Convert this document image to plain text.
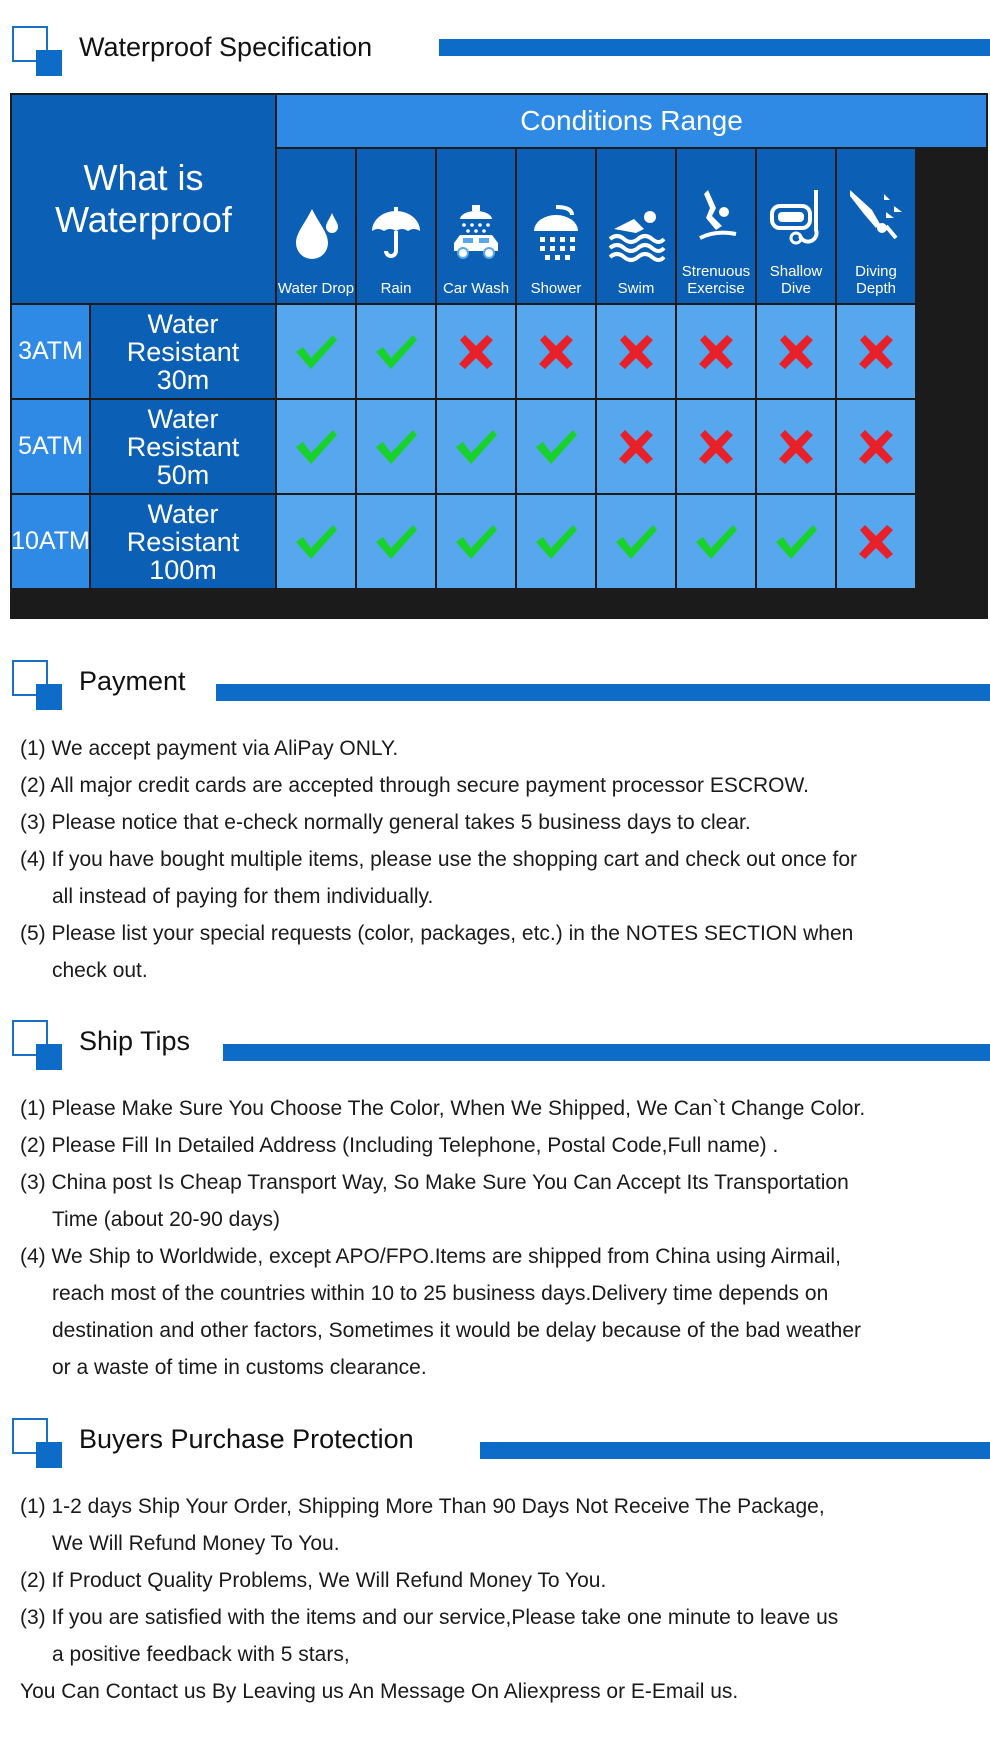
Waterproof Specification
What is
Waterproof
Conditions Range
Water Drop Rain Car Wash Shower Swim
Strenuous
Exercise
Shallow
Dive
Diving
Depth
3ATM
Water
Resistant
30m
5ATM
Water
Resistant
50m
10ATM
Water
Resistant
100m
Payment
(1) We accept payment via AliPay ONLY.
(2) All major credit cards are accepted through secure payment processor ESCROW.
(3) Please notice that e-check normally general takes 5 business days to clear.
(4) If you have bought multiple items, please use the shopping cart and check out once for
all instead of paying for them individually.
(5) Please list your special requests (color, packages, etc.) in the NOTES SECTION when
check out.
Ship Tips
(1) Please Make Sure You Choose The Color, When We Shipped, We Can`t Change Color.
(2) Please Fill In Detailed Address (Including Telephone, Postal Code,Full name) .
(3) China post Is Cheap Transport Way, So Make Sure You Can Accept Its Transportation
Time (about 20-90 days)
(4) We Ship to Worldwide, except APO/FPO.Items are shipped from China using Airmail,
reach most of the countries within 10 to 25 business days.Delivery time depends on
destination and other factors, Sometimes it would be delay because of the bad weather
or a waste of time in customs clearance.
Buyers Purchase Protection
(1) 1-2 days Ship Your Order, Shipping More Than 90 Days Not Receive The Package,
We Will Refund Money To You.
(2) If Product Quality Problems, We Will Refund Money To You.
(3) If you are satisfied with the items and our service,Please take one minute to leave us
a positive feedback with 5 stars,
You Can Contact us By Leaving us An Message On Aliexpress or E-Email us.
